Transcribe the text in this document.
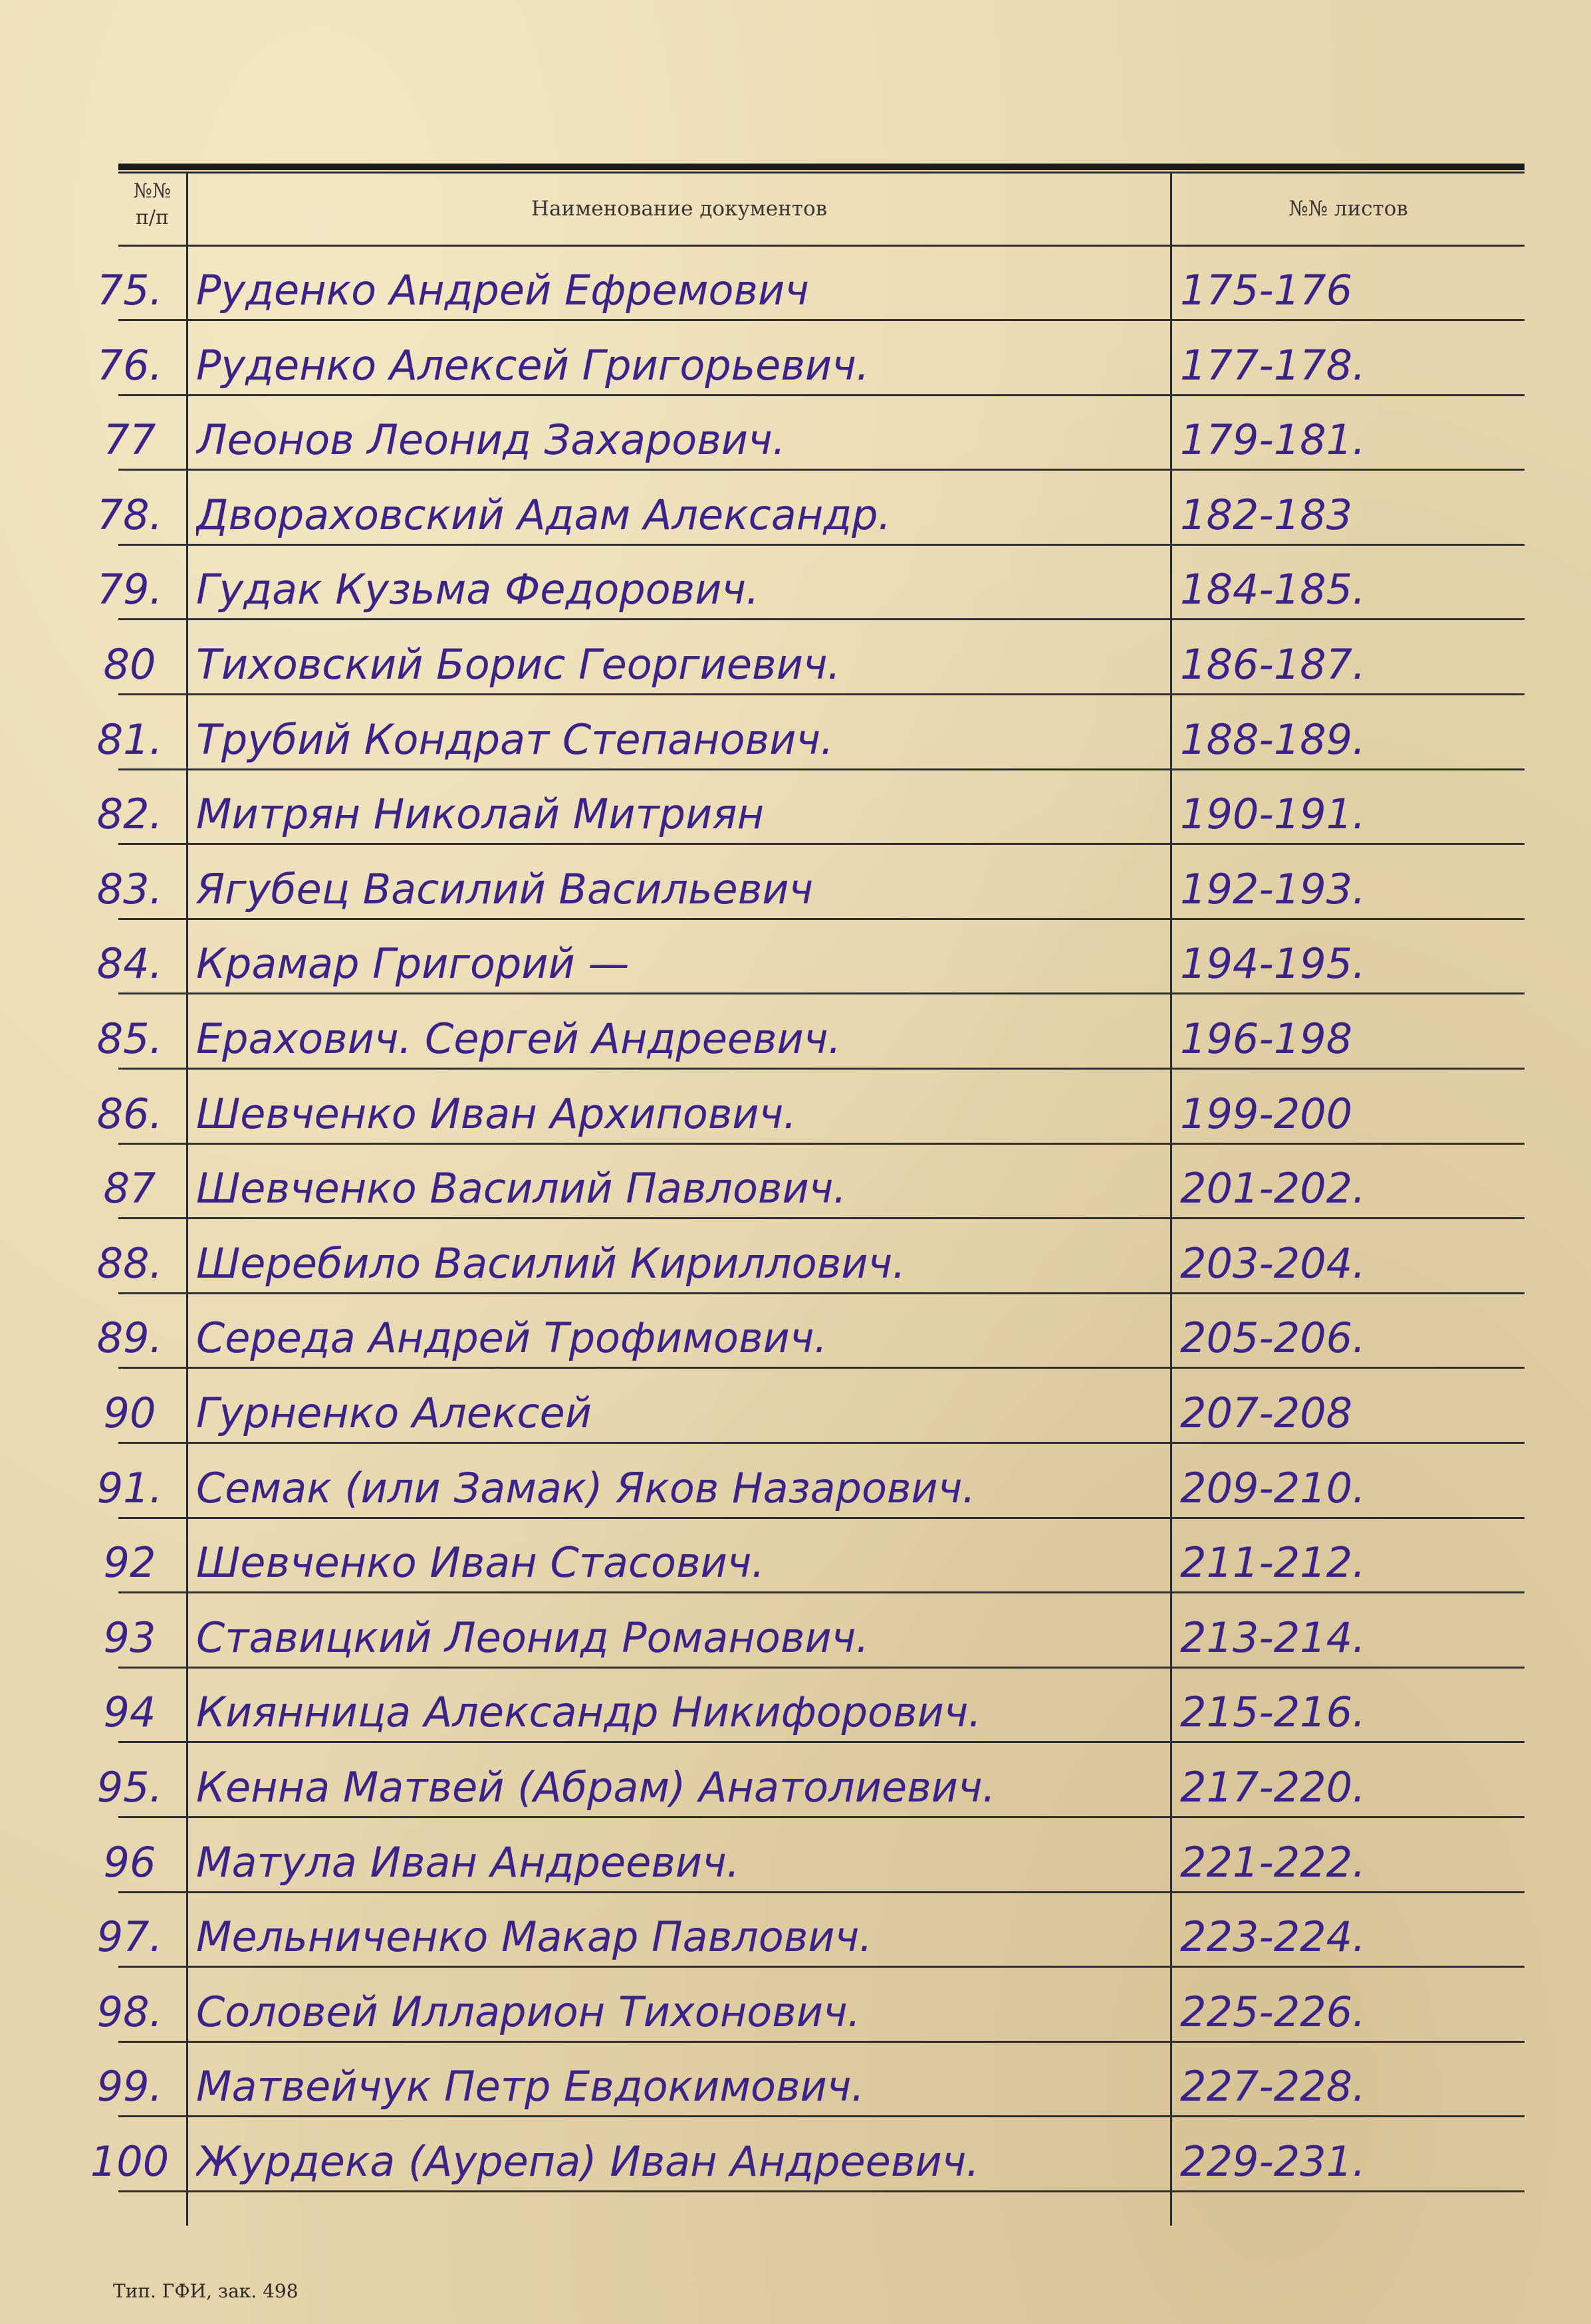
№№
п/п	Наименование документов	№№ листов
75. Руденко Андрей Ефремович	175-176
76. Руденко Алексей Григорьевич.	177-178.
77 Леонов Леонид Захарович.	179-181.
78. Двораховский Адам Александр.	182-183
79. Гудак Кузьма Федорович.	184-185.
80 Тиховский Борис Георгиевич.	186-187.
81. Трубий Кондрат Степанович.	188-189.
82. Митрян Николай Митриян	190-191.
83. Ягубец Василий Васильевич	192-193.
84. Крамар Григорий —	194-195.
85. Ерахович. Сергей Андреевич.	196-198
86. Шевченко Иван Архипович.	199-200
87 Шевченко Василий Павлович.	201-202.
88. Шеребило Василий Кириллович.	203-204.
89. Середа Андрей Трофимович.	205-206.
90 Гурненко Алексей	207-208
91. Семак (или Замак) Яков Назарович.	209-210.
92 Шевченко Иван Стасович.	211-212.
93 Ставицкий Леонид Романович.	213-214.
94 Киянница Александр Никифорович.	215-216.
95. Кенна Матвей (Абрам) Анатолиевич.	217-220.
96 Матула Иван Андреевич.	221-222.
97. Мельниченко Макар Павлович.	223-224.
98. Соловей Илларион Тихонович.	225-226.
99. Матвейчук Петр Евдокимович.	227-228.
100 Журдека (Аурепа) Иван Андреевич.	229-231.
Тип. ГФИ, зак. 498
